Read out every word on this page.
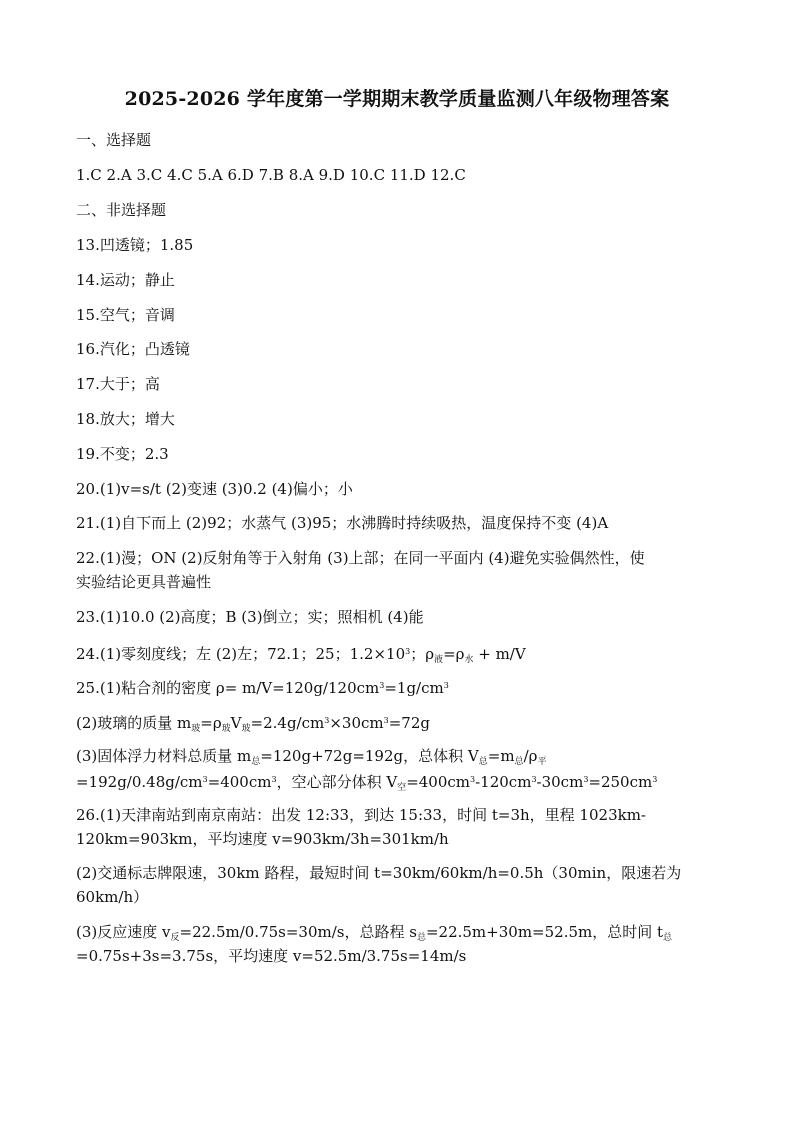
2025-2026 学年度第一学期期末教学质量监测八年级物理答案
一、选择题
1.C 2.A 3.C 4.C 5.A 6.D 7.B 8.A 9.D 10.C 11.D 12.C
二、非选择题
13.凹透镜；1.85
14.运动；静止
15.空气；音调
16.汽化；凸透镜
17.大于；高
18.放大；增大
19.不变；2.3
20.(1)v=s/t (2)变速 (3)0.2 (4)偏小；小
21.(1)自下而上 (2)92；水蒸气 (3)95；水沸腾时持续吸热，温度保持不变 (4)A
22.(1)漫；ON (2)反射角等于入射角 (3)上部；在同一平面内 (4)避免实验偶然性，使
实验结论更具普遍性
23.(1)10.0 (2)高度；B (3)倒立；实；照相机 (4)能
24.(1)零刻度线；左 (2)左；72.1；25；$1.2\times 10^3$；$\rho_液=\rho_水 + m/V$
25.(1)粘合剂的密度 $\rho= m/V=120g/120cm^3=1g/cm^3$
(2)玻璃的质量 $m_玻=\rho_玻V_玻=2.4g/cm^3\times 30cm^3=72g$
(3)固体浮力材料总质量 $m_总=120g+72g=192g$，总体积 $V_总=m_总/\rho_平$
$=192g/0.48g/cm^3=400cm^3$，空心部分体积 $V_空=400cm^3-120cm^3-30cm^3=250cm^3$
26.(1)天津南站到南京南站：出发 12:33，到达 15:33，时间 t=3h，里程 1023km-
120km=903km，平均速度 v=903km/3h=301km/h
(2)交通标志牌限速，30km 路程，最短时间 t=30km/60km/h=0.5h（30min，限速若为
60km/h）
(3)反应速度 $v_反=22.5m/0.75s=30m/s$，总路程 $s_总=22.5m+30m=52.5m$，总时间 $t_总$
=0.75s+3s=3.75s，平均速度 v=52.5m/3.75s=14m/s
